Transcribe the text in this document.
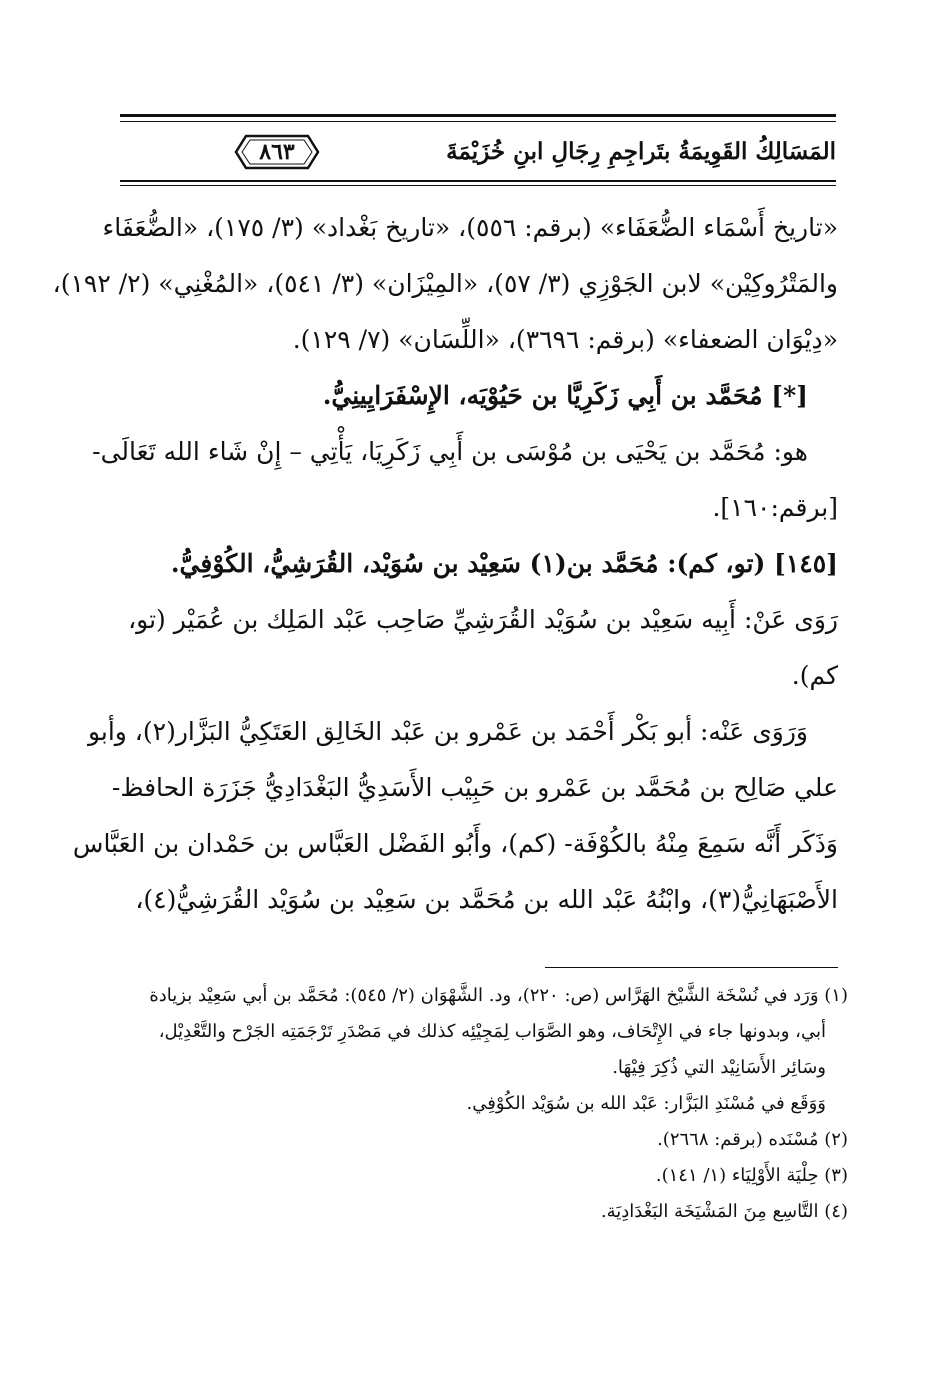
المَسَالِكُ القَوِيمَةُ بتَراجِمِ رِجَالِ ابنِ خُزَيْمَةَ
٨٦٣
«تاريخ أَسْمَاء الضُّعَفَاء» (برقم: ٥٥٦)، «تاريخ بَغْداد» (٣/ ١٧٥)، «الضُّعَفَاء
والمَتْرُوكِيْن» لابن الجَوْزِي (٣/ ٥٧)، «المِيْزَان» (٣/ ٥٤١)، «المُغْنِي» (٢/ ١٩٢)،
«دِيْوَان الضعفاء» (برقم: ٣٦٩٦)، «اللِّسَان» (٧/ ١٢٩).
[*] مُحَمَّد بن أَبِي زَكَرِيَّا بن حَيُوْيَه، الإِسْفَرَايِينِيُّ.
هو: مُحَمَّد بن يَحْيَى بن مُوْسَى بن أَبِي زَكَرِيَا، يَأْتِي – إِنْ شَاء الله تَعَالَى-
[برقم:١٦٠].
[١٤٥] (تو، كم): مُحَمَّد بن(١) سَعِيْد بن سُوَيْد، القُرَشِيُّ، الكُوْفِيُّ.
رَوَى عَنْ: أَبِيه سَعِيْد بن سُوَيْد القُرَشِيِّ صَاحِب عَبْد المَلِك بن عُمَيْر (تو،
كم).
وَرَوَى عَنْه: أبو بَكْر أَحْمَد بن عَمْرو بن عَبْد الخَالِق العَتَكِيُّ البَزَّار(٢)، وأبو
علي صَالِح بن مُحَمَّد بن عَمْرو بن حَبِيْب الأَسَدِيُّ البَغْدَادِيُّ جَزَرَة الحافظ-
وَذَكَر أَنَّه سَمِعَ مِنْهُ بالكُوْفَة- (كم)، وأَبُو الفَضْل العَبَّاس بن حَمْدان بن العَبَّاس
الأَصْبَهَانِيُّ(٣)، وابْنُهُ عَبْد الله بن مُحَمَّد بن سَعِيْد بن سُوَيْد القُرَشِيُّ(٤)،
(١) وَرَد في نُسْخَة الشَّيْخ الهَرَّاس (ص: ٢٢٠)، ود. الشَّهْوَان (٢/ ٥٤٥): مُحَمَّد بن أبي سَعِيْد بزيادة
أبي، وبدونها جاء في الإِتْحَاف، وهو الصَّوَاب لِمَجِيْئِه كذلك في مَصْدَرِ تَرْجَمَتِه الجَرْح والتَّعْدِيْل،
وسَائِر الأَسَانِيْد التي ذُكِرَ فِيْهَا.
وَوَقَع في مُسْنَدِ البَزَّار: عَبْد الله بن سُوَيْد الكُوْفِي.
(٢) مُسْنَده (برقم: ٢٦٦٨).
(٣) حِلْيَة الأَوْلِيَاء (١/ ١٤١).
(٤) التَّاسِع مِنَ المَشْيَخَة البَغْدَادِيَة.
